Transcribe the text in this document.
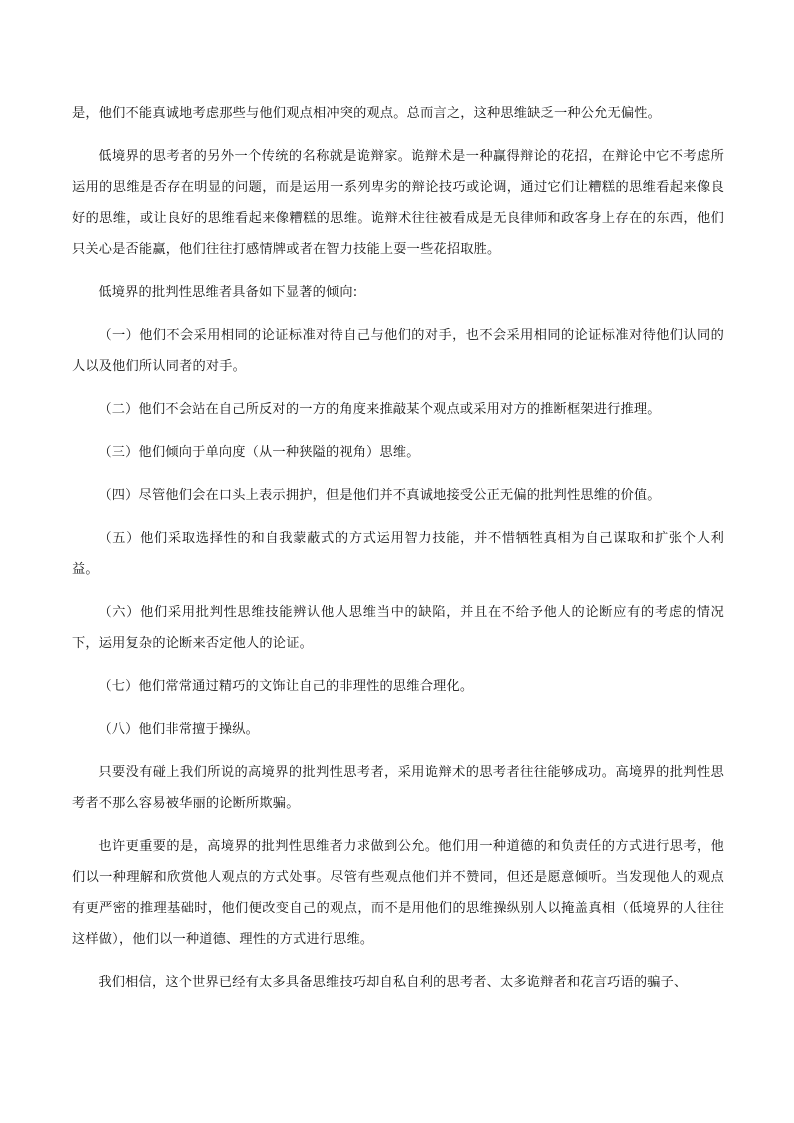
是，他们不能真诚地考虑那些与他们观点相冲突的观点。总而言之，这种思维缺乏一种公允无偏性。

低境界的思考者的另外一个传统的名称就是诡辩家。诡辩术是一种赢得辩论的花招，在辩论中它不考虑所运用的思维是否存在明显的问题，而是运用一系列卑劣的辩论技巧或论调，通过它们让糟糕的思维看起来像良好的思维，或让良好的思维看起来像糟糕的思维。诡辩术往往被看成是无良律师和政客身上存在的东西，他们只关心是否能赢，他们往往打感情牌或者在智力技能上耍一些花招取胜。

低境界的批判性思维者具备如下显著的倾向:

（一）他们不会采用相同的论证标准对待自己与他们的对手，也不会采用相同的论证标准对待他们认同的人以及他们所认同者的对手。

（二）他们不会站在自己所反对的一方的角度来推敲某个观点或采用对方的推断框架进行推理。

（三）他们倾向于单向度（从一种狭隘的视角）思维。

（四）尽管他们会在口头上表示拥护，但是他们并不真诚地接受公正无偏的批判性思维的价值。

（五）他们采取选择性的和自我蒙蔽式的方式运用智力技能，并不惜牺牲真相为自己谋取和扩张个人利益。

（六）他们采用批判性思维技能辨认他人思维当中的缺陷，并且在不给予他人的论断应有的考虑的情况下，运用复杂的论断来否定他人的论证。

（七）他们常常通过精巧的文饰让自己的非理性的思维合理化。

（八）他们非常擅于操纵。

只要没有碰上我们所说的高境界的批判性思考者，采用诡辩术的思考者往往能够成功。高境界的批判性思考者不那么容易被华丽的论断所欺骗。

也许更重要的是，高境界的批判性思维者力求做到公允。他们用一种道德的和负责任的方式进行思考，他们以一种理解和欣赏他人观点的方式处事。尽管有些观点他们并不赞同，但还是愿意倾听。当发现他人的观点有更严密的推理基础时，他们便改变自己的观点，而不是用他们的思维操纵别人以掩盖真相（低境界的人往往这样做），他们以一种道德、理性的方式进行思维。

我们相信，这个世界已经有太多具备思维技巧却自私自利的思考者、太多诡辩者和花言巧语的骗子、
